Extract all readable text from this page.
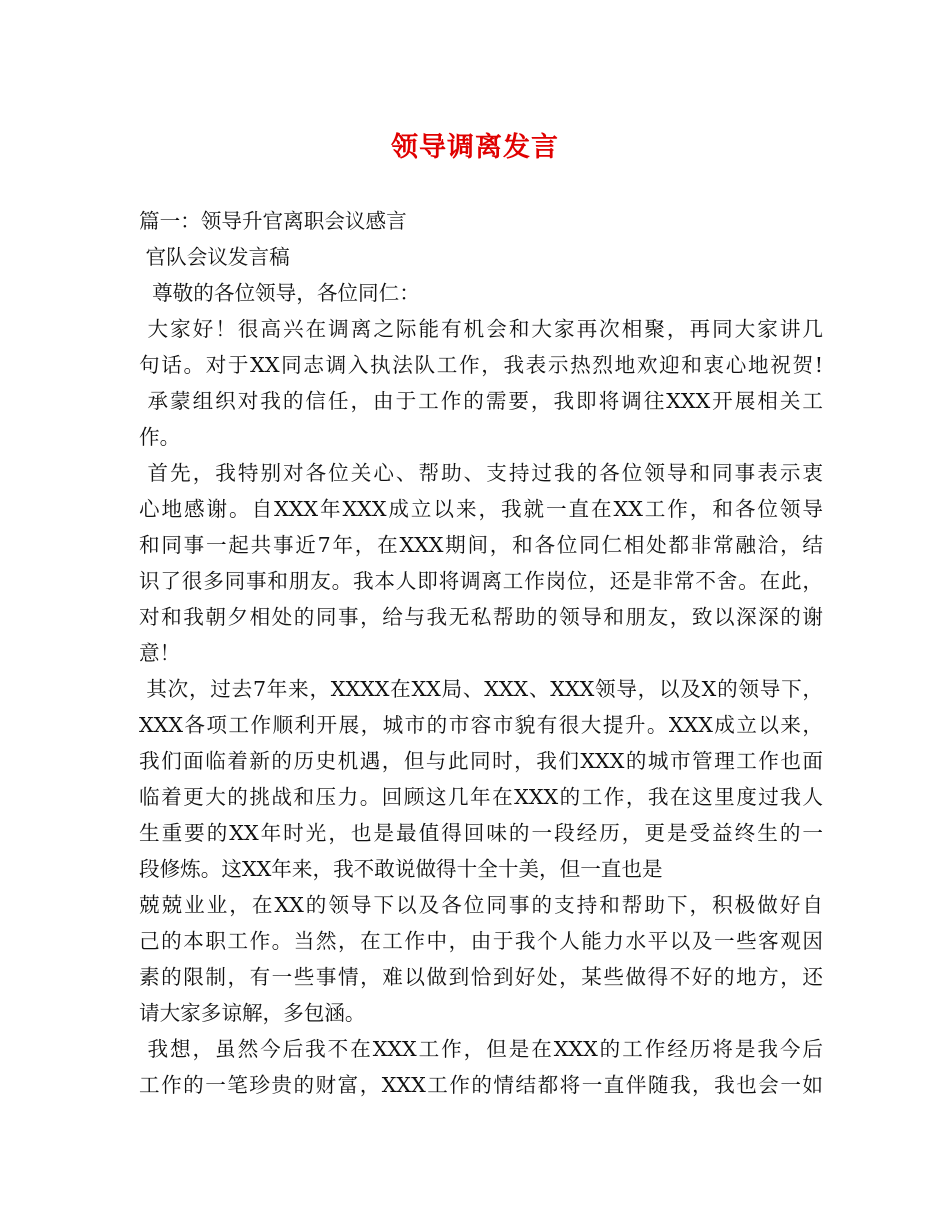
领导调离发言
篇一：领导升官离职会议感言
官队会议发言稿
尊敬的各位领导，各位同仁：
大家好！很高兴在调离之际能有机会和大家再次相聚，再同大家讲几
句话。对于XX同志调入执法队工作，我表示热烈地欢迎和衷心地祝贺!
承蒙组织对我的信任，由于工作的需要，我即将调往XXX开展相关工
作。
首先，我特别对各位关心、帮助、支持过我的各位领导和同事表示衷
心地感谢。自XXX年XXX成立以来，我就一直在XX工作，和各位领导
和同事一起共事近7年，在XXX期间，和各位同仁相处都非常融洽，结
识了很多同事和朋友。我本人即将调离工作岗位，还是非常不舍。在此，
对和我朝夕相处的同事，给与我无私帮助的领导和朋友，致以深深的谢
意！
其次，过去7年来，XXXX在XX局、XXX、XXX领导，以及X的领导下，
XXX各项工作顺利开展，城市的市容市貌有很大提升。XXX成立以来，
我们面临着新的历史机遇，但与此同时，我们XXX的城市管理工作也面
临着更大的挑战和压力。回顾这几年在XXX的工作，我在这里度过我人
生重要的XX年时光，也是最值得回味的一段经历，更是受益终生的一
段修炼。这XX年来，我不敢说做得十全十美，但一直也是
兢兢业业，在XX的领导下以及各位同事的支持和帮助下，积极做好自
己的本职工作。当然，在工作中，由于我个人能力水平以及一些客观因
素的限制，有一些事情，难以做到恰到好处，某些做得不好的地方，还
请大家多谅解，多包涵。
我想，虽然今后我不在XXX工作，但是在XXX的工作经历将是我今后
工作的一笔珍贵的财富，XXX工作的情结都将一直伴随我，我也会一如
